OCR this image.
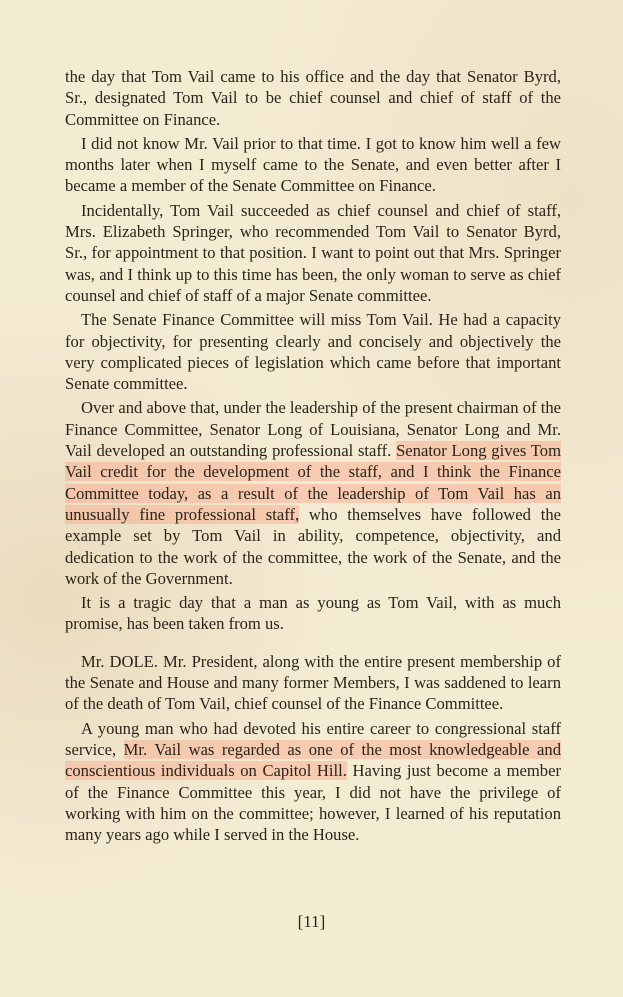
the day that Tom Vail came to his office and the day that Senator Byrd, Sr., designated Tom Vail to be chief counsel and chief of staff of the Committee on Finance.

I did not know Mr. Vail prior to that time. I got to know him well a few months later when I myself came to the Senate, and even better after I became a member of the Senate Committee on Finance.

Incidentally, Tom Vail succeeded as chief counsel and chief of staff, Mrs. Elizabeth Springer, who recommended Tom Vail to Senator Byrd, Sr., for appointment to that position. I want to point out that Mrs. Springer was, and I think up to this time has been, the only woman to serve as chief counsel and chief of staff of a major Senate committee.

The Senate Finance Committee will miss Tom Vail. He had a capacity for objectivity, for presenting clearly and concisely and objectively the very complicated pieces of legislation which came before that important Senate committee.

Over and above that, under the leadership of the present chairman of the Finance Committee, Senator Long of Louisiana, Senator Long and Mr. Vail developed an outstanding professional staff. Senator Long gives Tom Vail credit for the development of the staff, and I think the Finance Committee today, as a result of the leadership of Tom Vail has an unusually fine professional staff, who themselves have followed the example set by Tom Vail in ability, competence, objectivity, and dedication to the work of the committee, the work of the Senate, and the work of the Government.

It is a tragic day that a man as young as Tom Vail, with as much promise, has been taken from us.

Mr. DOLE. Mr. President, along with the entire present membership of the Senate and House and many former Members, I was saddened to learn of the death of Tom Vail, chief counsel of the Finance Committee.

A young man who had devoted his entire career to congressional staff service, Mr. Vail was regarded as one of the most knowledgeable and conscientious individuals on Capitol Hill. Having just become a member of the Finance Committee this year, I did not have the privilege of working with him on the committee; however, I learned of his reputation many years ago while I served in the House.

[11]
